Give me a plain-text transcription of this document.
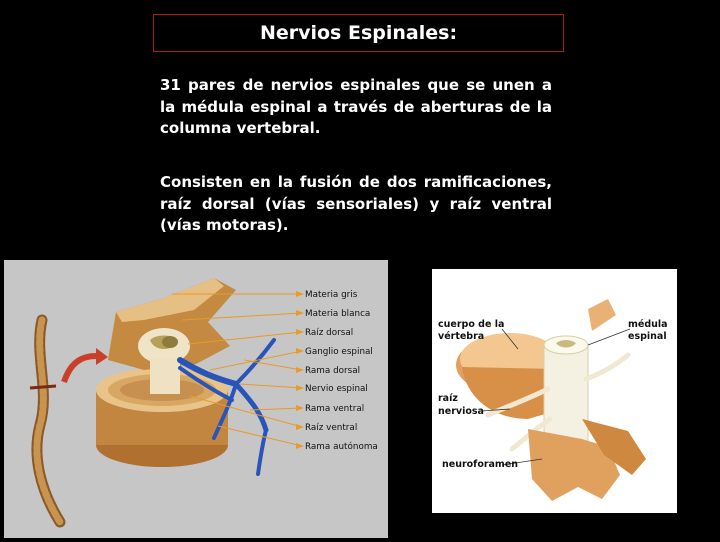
Nervios Espinales:

31 pares de nervios espinales que se unen a la médula espinal a través de aberturas de la columna vertebral.

Consisten en la fusión de dos ramificaciones, raíz dorsal (vías sensoriales) y raíz ventral (vías motoras).

Materia gris
Materia blanca
Raíz dorsal
Ganglio espinal
Rama dorsal
Nervio espinal
Rama ventral
Raíz ventral
Rama autónoma
cuerpo de la
vértebra
médula
espinal
raíz
nerviosa
neuroforamen
